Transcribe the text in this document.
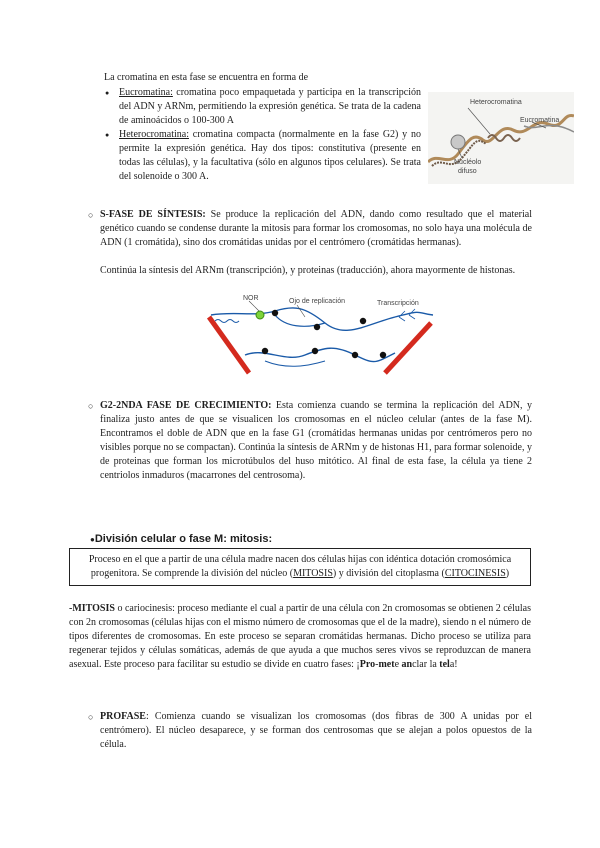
La cromatina en esta fase se encuentra en forma de
● Eucromatina: cromatina poco empaquetada y participa en la transcripción del ADN y ARNm, permitiendo la expresión genética. Se trata de la cadena de aminoácidos o 100-300 A
● Heterocromatina: cromatina compacta (normalmente en la fase G2) y no permite la expresión genética. Hay dos tipos: constitutiva (presente en todas las células), y la facultativa (sólo en algunos tipos celulares). Se trata del solenoide o 300 A.
Heterocromatina
Eucromatina
Nucléolo
difuso
○ S-FASE DE SÍNTESIS: Se produce la replicación del ADN, dando como resultado que el material genético cuando se condense durante la mitosis para formar los cromosomas, no solo haya una molécula de ADN (1 cromátida), sino dos cromátidas unidas por el centrómero (cromátidas hermanas).
Continúa la síntesis del ARNm (transcripción), y proteinas (traducción), ahora mayormente de histonas.
NOR	Ojo de replicación	Transcripción
○ G2-2NDA FASE DE CRECIMIENTO: Esta comienza cuando se termina la replicación del ADN, y finaliza justo antes de que se visualicen los cromosomas en el núcleo celular (antes de la fase M). Encontramos el doble de ADN que en la fase G1 (cromátidas hermanas unidas por centrómeros pero no visibles porque no se compactan). Continúa la síntesis de ARNm y de histonas H1, para formar solenoide, y de proteinas que forman los microtúbulos del huso mitótico. Al final de esta fase, la célula ya tiene 2 centriolos inmaduros (macarrones del centrosoma).
●División celular o fase M: mitosis:
Proceso en el que a partir de una célula madre nacen dos células hijas con idéntica dotación cromosómica progenitora. Se comprende la división del núcleo (MITOSIS) y división del citoplasma (CITOCINESIS)
-MITOSIS o cariocinesis: proceso mediante el cual a partir de una célula con 2n cromosomas se obtienen 2 células con 2n cromosomas (células hijas con el mismo número de cromosomas que el de la madre), siendo n el número de tipos diferentes de cromosomas. En este proceso se separan cromátidas hermanas. Dicho proceso se utiliza para regenerar tejidos y células somáticas, además de que ayuda a que muchos seres vivos se reproduzcan de manera asexual. Este proceso para facilitar su estudio se divide en cuatro fases: ¡Pro-mete anclar la tela!
○ PROFASE: Comienza cuando se visualizan los cromosomas (dos fibras de 300 A unidas por el centrómero). El núcleo desaparece, y se forman dos centrosomas que se alejan a polos opuestos de la célula.
